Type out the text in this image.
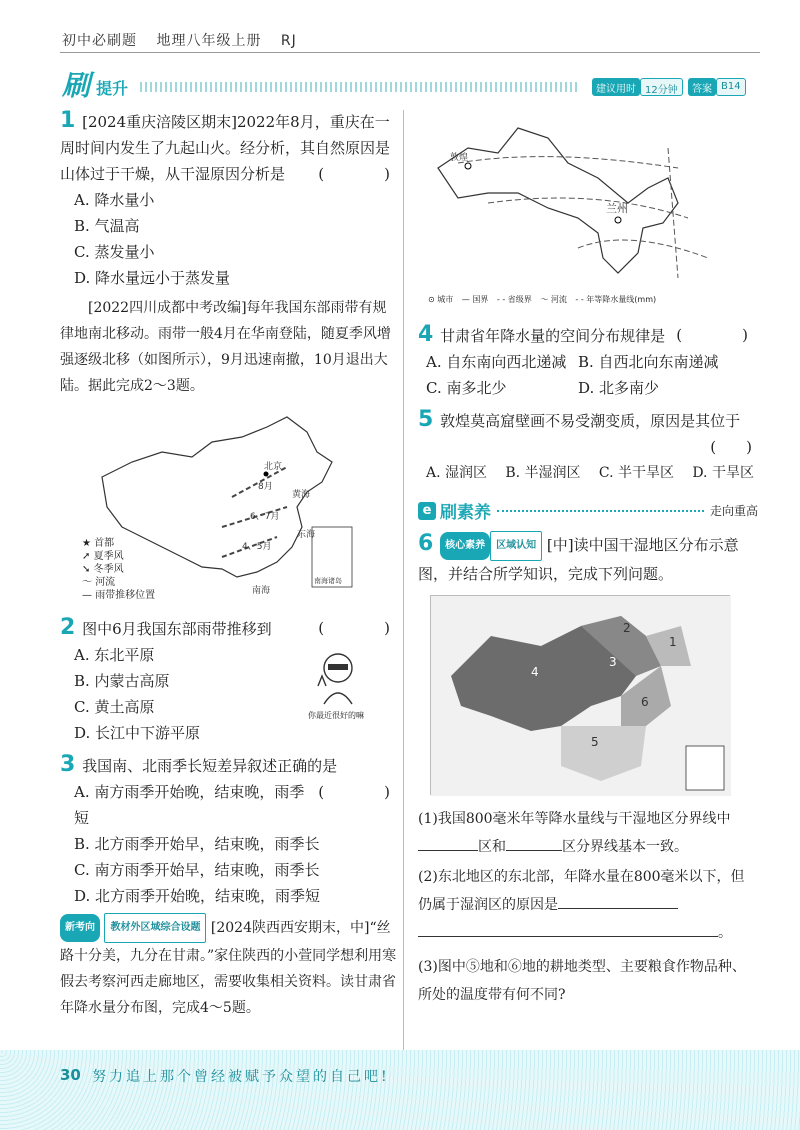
初中必刷题 地理八年级上册 RJ
刷 提升	建议用时 12分钟	答案 B14
1 [2024重庆涪陵区期末]2022年8月，重庆在一周时间内发生了九起山火。经分析，其自然原因是山体过于干燥，从干湿原因分析是 (　　)
A. 降水量小
B. 气温高
C. 蒸发量小
D. 降水量远小于蒸发量
[2022四川成都中考改编]每年我国东部雨带有规律地南北移动。雨带一般4月在华南登陆，随夏季风增强逐级北移（如图所示），9月迅速南撤，10月退出大陆。据此完成2～3题。
北京
8月
6、7月
4、5月
黄海
东海
南海
南海诸岛
★ 首都
➚ 夏季风
➘ 冬季风
～ 河流
— 雨带推移位置
2 图中6月我国东部雨带推移到	(　　)
A. 东北平原
B. 内蒙古高原
C. 黄土高原
D. 长江中下游平原
你最近很好的嘛
3 我国南、北雨季长短差异叙述正确的是
(　　)
A. 南方雨季开始晚，结束晚，雨季短
B. 北方雨季开始早，结束晚，雨季长
C. 南方雨季开始早，结束晚，雨季长
D. 北方雨季开始晚，结束晚，雨季短
新考向 教材外区域综合设题 [2024陕西西安期末，中]“丝路十分美，九分在甘肃。”家住陕西的小萱同学想利用寒假去考察河西走廊地区，需要收集相关资料。读甘肃省年降水量分布图，完成4～5题。
敦煌
兰州
⊙ 城市 — 国界 - - 省级界 ～ 河流 - - 年等降水量线(mm)
4 甘肃省年降水量的空间分布规律是 (　　)
A. 自东南向西北递减 B. 自西北向东南递减
C. 南多北少	D. 北多南少
5 敦煌莫高窟壁画不易受潮变质，原因是其位于
(　　)
A. 湿润区 B. 半湿润区 C. 半干旱区 D. 干旱区
e 刷素养	走向重高
6 核心素养 区域认知 [中]读中国干湿地区分布示意图，并结合所学知识，完成下列问题。
1
2
3
4
5
6
(1)我国800毫米年等降水量线与干湿地区分界线中区和	区分界线基本一致。
(2)东北地区的东北部，年降水量在800毫米以下，但仍属于湿润区的原因是
。
(3)图中⑤地和⑥地的耕地类型、主要粮食作物品种、所处的温度带有何不同?
30 努力追上那个曾经被赋予众望的自己吧!
